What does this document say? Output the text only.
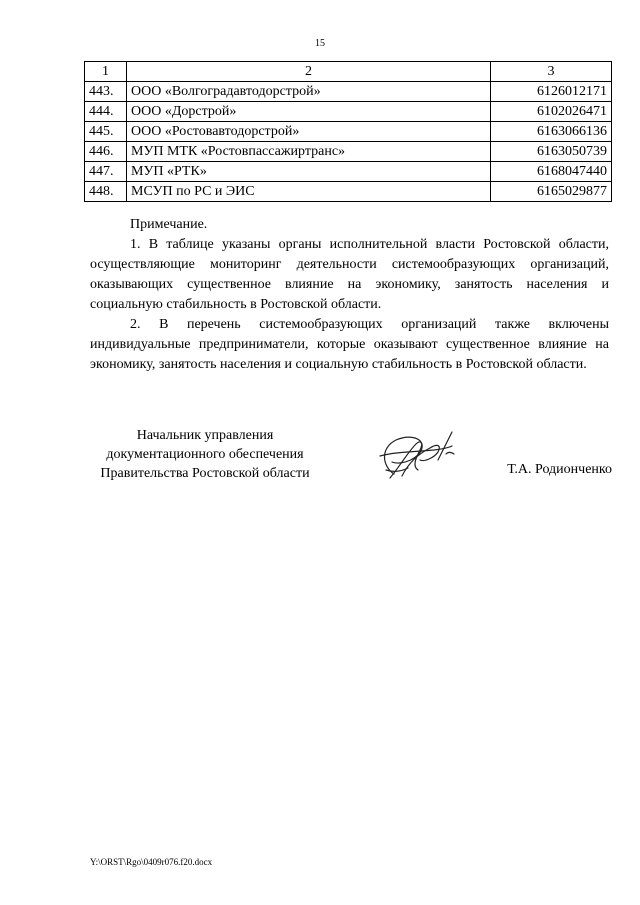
15
1	2	3
443.	ООО «Волгоградавтодорстрой»	6126012171
444.	ООО «Дорстрой»	6102026471
445.	ООО «Ростовавтодорстрой»	6163066136
446.	МУП МТК «Ростовпассажиртранс»	6163050739
447.	МУП «РТК»	6168047440
448.	МСУП по РС и ЭИС	6165029877

Примечание.

1. В таблице указаны органы исполнительной власти Ростовской области, осуществляющие мониторинг деятельности системообразующих организаций, оказывающих существенное влияние на экономику, занятость населения и социальную стабильность в Ростовской области.

2. В перечень системообразующих организаций также включены индивидуальные предприниматели, которые оказывают существенное влияние на экономику, занятость населения и социальную стабильность в Ростовской области.

Начальник управления
документационного обеспечения
Правительства Ростовской области	Т.А. Родионченко
Y:\ORST\Rgo\0409r076.f20.docx
